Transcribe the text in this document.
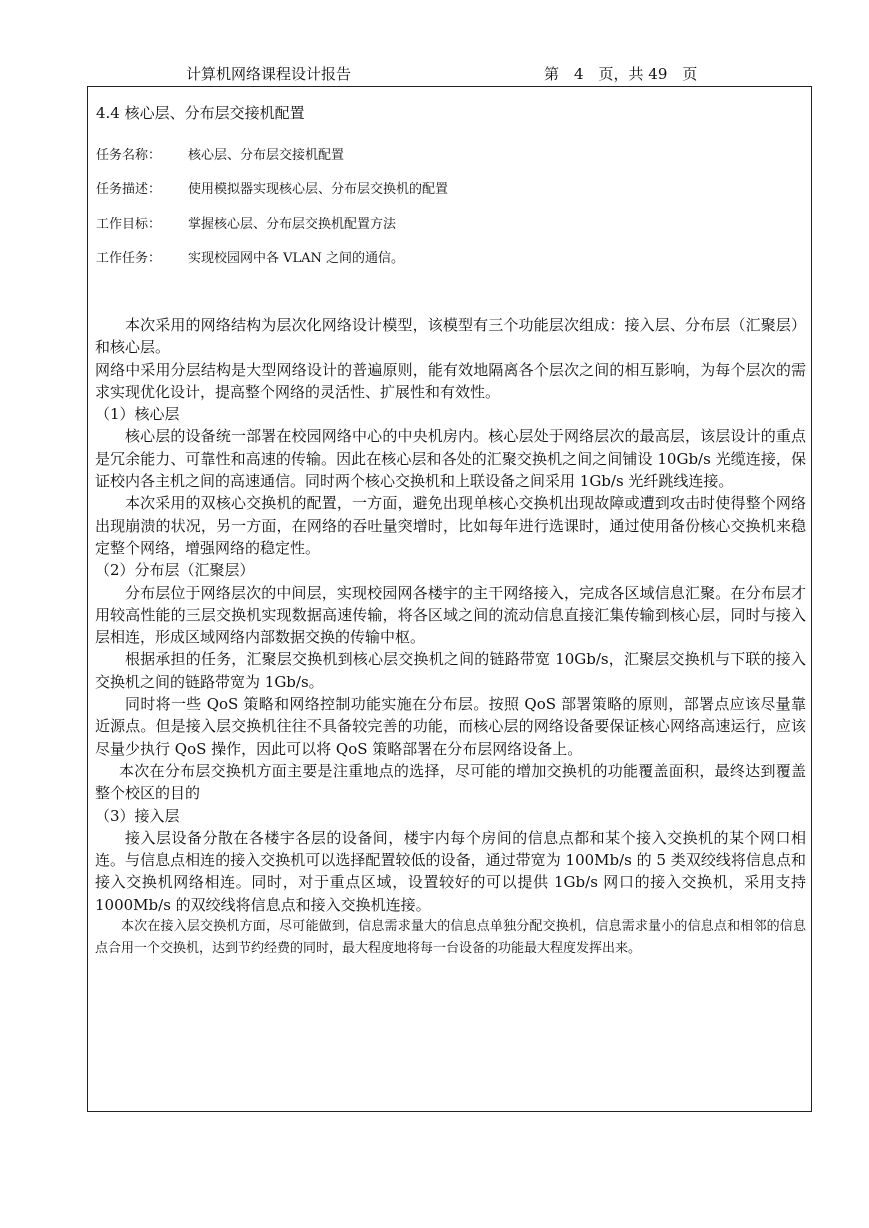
计算机网络课程设计报告	第　4　页，共 49　页
4.4 核心层、分布层交接机配置
任务名称： 核心层、分布层交接机配置
任务描述： 使用模拟器实现核心层、分布层交换机的配置
工作目标： 掌握核心层、分布层交换机配置方法
工作任务： 实现校园网中各 VLAN 之间的通信。

本次采用的网络结构为层次化网络设计模型，该模型有三个功能层次组成：接入层、分布层（汇聚层）和核心层。

网络中采用分层结构是大型网络设计的普遍原则，能有效地隔离各个层次之间的相互影响，为每个层次的需求实现优化设计，提高整个网络的灵活性、扩展性和有效性。

（1）核心层

核心层的设备统一部署在校园网络中心的中央机房内。核心层处于网络层次的最高层，该层设计的重点是冗余能力、可靠性和高速的传输。因此在核心层和各处的汇聚交换机之间之间铺设 10Gb/s 光缆连接，保证校内各主机之间的高速通信。同时两个核心交换机和上联设备之间采用 1Gb/s 光纤跳线连接。

本次采用的双核心交换机的配置，一方面，避免出现单核心交换机出现故障或遭到攻击时使得整个网络出现崩溃的状况，另一方面，在网络的吞吐量突增时，比如每年进行选课时，通过使用备份核心交换机来稳定整个网络，增强网络的稳定性。

（2）分布层（汇聚层）

分布层位于网络层次的中间层，实现校园网各楼宇的主干网络接入，完成各区域信息汇聚。在分布层才用较高性能的三层交换机实现数据高速传输，将各区域之间的流动信息直接汇集传输到核心层，同时与接入层相连，形成区域网络内部数据交换的传输中枢。

根据承担的任务，汇聚层交换机到核心层交换机之间的链路带宽 10Gb/s，汇聚层交换机与下联的接入交换机之间的链路带宽为 1Gb/s。

同时将一些 QoS 策略和网络控制功能实施在分布层。按照 QoS 部署策略的原则，部署点应该尽量靠近源点。但是接入层交换机往往不具备较完善的功能，而核心层的网络设备要保证核心网络高速运行，应该尽量少执行 QoS 操作，因此可以将 QoS 策略部署在分布层网络设备上。

本次在分布层交换机方面主要是注重地点的选择，尽可能的增加交换机的功能覆盖面积，最终达到覆盖整个校区的目的

（3）接入层

接入层设备分散在各楼宇各层的设备间，楼宇内每个房间的信息点都和某个接入交换机的某个网口相连。与信息点相连的接入交换机可以选择配置较低的设备，通过带宽为 100Mb/s 的 5 类双绞线将信息点和接入交换机网络相连。同时，对于重点区域，设置较好的可以提供 1Gb/s 网口的接入交换机，采用支持 1000Mb/s 的双绞线将信息点和接入交换机连接。

本次在接入层交换机方面，尽可能做到，信息需求量大的信息点单独分配交换机，信息需求量小的信息点和相邻的信息点合用一个交换机，达到节约经费的同时，最大程度地将每一台设备的功能最大程度发挥出来。
